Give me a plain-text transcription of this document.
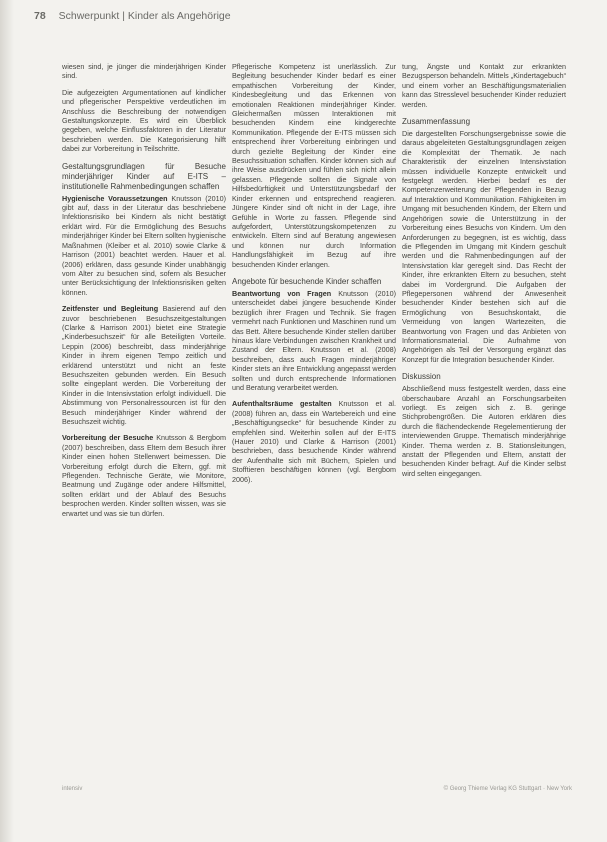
78 Schwerpunkt | Kinder als Angehörige

wiesen sind, je jünger die minderjährigen Kinder sind.

Die aufgezeigten Argumentationen auf kindlicher und pflegerischer Perspektive verdeutlichen im Anschluss die Beschreibung der notwendigen Gestaltungskonzepte. Es wird ein Überblick gegeben, welche Einflussfaktoren in der Literatur beschrieben werden. Die Kategorisierung hilft dabei zur Vorbereitung in Teilschritte.

Gestaltungsgrundlagen für Besuche minderjähriger Kinder auf E-ITS – institutionelle Rahmenbedingungen schaffen

Hygienische Voraussetzungen Knutsson (2010) gibt auf, dass in der Literatur das beschriebene Infektionsrisiko bei Kindern als nicht bestätigt erklärt wird. Für die Ermöglichung des Besuchs minderjähriger Kinder bei Eltern sollten hygienische Maßnahmen (Kleiber et al. 2010) sowie Clarke & Harrison (2001) beachtet werden. Hauer et al. (2006) erklären, dass gesunde Kinder unabhängig vom Alter zu besuchen sind, sofern als Besucher unter Berücksichtigung der Infektionsrisiken gelten können.

Zeitfenster und Begleitung Basierend auf den zuvor beschriebenen Besuchszeitgestaltungen (Clarke & Harrison 2001) bietet eine Strategie „Kinderbesuchszeit“ für alle Beteiligten Vorteile. Leppin (2006) beschreibt, dass minderjährige Kinder in ihrem eigenen Tempo zeitlich und erklärend unterstützt und nicht an feste Besuchszeiten gebunden werden. Ein Besuch sollte eingeplant werden. Die Vorbereitung der Kinder in die Intensivstation erfolgt individuell. Die Abstimmung von Personalressourcen ist für den Besuch minderjähriger Kinder während der Besuchszeit wichtig.

Vorbereitung der Besuche Knutsson & Bergbom (2007) beschreiben, dass Eltern dem Besuch ihrer Kinder einen hohen Stellenwert beimessen. Die Vorbereitung erfolgt durch die Eltern, ggf. mit Pflegenden. Technische Geräte, wie Monitore, Beatmung und Zugänge oder andere Hilfsmittel, sollten erklärt und der Ablauf des Besuchs besprochen werden. Kinder sollten wissen, was sie erwartet und was sie tun dürfen.

Pflegerische Kompetenz ist unerlässlich. Zur Begleitung besuchender Kinder bedarf es einer empathischen Vorbereitung der Kinder, Kindesbegleitung und das Erkennen von emotionalen Reaktionen minderjähriger Kinder. Gleichermaßen müssen Interaktionen mit besuchenden Kindern eine kindgerechte Kommunikation. Pflegende der E-ITS müssen sich entsprechend ihrer Vorbereitung einbringen und durch gezielte Begleitung der Kinder eine Besuchssituation schaffen. Kinder können sich auf ihre Weise ausdrücken und fühlen sich nicht allein gelassen. Pflegende sollten die Signale von Hilfsbedürftigkeit und Unterstützungsbedarf der Kinder erkennen und entsprechend reagieren. Jüngere Kinder sind oft nicht in der Lage, ihre Gefühle in Worte zu fassen. Pflegende sind aufgefordert, Unterstützungskompetenzen zu entwickeln. Eltern sind auf Beratung angewiesen und können nur durch Information Handlungsfähigkeit im Bezug auf ihre besuchenden Kinder erlangen.

Angebote für besuchende Kinder schaffen

Beantwortung von Fragen Knutsson (2010) unterscheidet dabei jüngere besuchende Kinder bezüglich ihrer Fragen und Technik. Sie fragen vermehrt nach Funktionen und Maschinen rund um das Bett. Ältere besuchende Kinder stellen darüber hinaus klare Verbindungen zwischen Krankheit und Zustand der Eltern. Knutsson et al. (2008) beschreiben, dass auch Fragen minderjähriger Kinder stets an ihre Entwicklung angepasst werden sollten und durch entsprechende Informationen und Beratung verarbeitet werden.

Aufenthaltsräume gestalten Knutsson et al. (2008) führen an, dass ein Wartebereich und eine „Beschäftigungsecke“ für besuchende Kinder zu empfehlen sind. Weiterhin sollen auf der E-ITS (Hauer 2010) und Clarke & Harrison (2001) beschrieben, dass besuchende Kinder während der Aufenthalte sich mit Büchern, Spielen und Stofftieren beschäftigen können (vgl. Bergbom 2006).

tung, Ängste und Kontakt zur erkrankten Bezugsperson behandeln. Mittels „Kindertagebuch“ und einem vorher an Beschäftigungsmaterialien kann das Stresslevel besuchender Kinder reduziert werden.

Zusammenfassung

Die dargestellten Forschungsergebnisse sowie die daraus abgeleiteten Gestaltungsgrundlagen zeigen die Komplexität der Thematik. Je nach Charakteristik der einzelnen Intensivstation müssen individuelle Konzepte entwickelt und festgelegt werden. Hierbei bedarf es der Kompetenzerweiterung der Pflegenden in Bezug auf Interaktion und Kommunikation. Fähigkeiten im Umgang mit besuchenden Kindern, der Eltern und Angehörigen sowie die Unterstützung in der Vorbereitung eines Besuchs von Kindern. Um den Anforderungen zu begegnen, ist es wichtig, dass die Pflegenden im Umgang mit Kindern geschult werden und die Rahmenbedingungen auf der Intensivstation klar geregelt sind. Das Recht der Kinder, ihre erkrankten Eltern zu besuchen, steht dabei im Vordergrund. Die Aufgaben der Pflegepersonen während der Anwesenheit besuchender Kinder bestehen sich auf die Ermöglichung von Besuchskontakt, die Vermeidung von langen Wartezeiten, die Beantwortung von Fragen und das Anbieten von Informationsmaterial. Die Aufnahme von Angehörigen als Teil der Versorgung ergänzt das Konzept für die Integration besuchender Kinder.

Diskussion

Abschließend muss festgestellt werden, dass eine überschaubare Anzahl an Forschungsarbeiten vorliegt. Es zeigen sich z. B. geringe Stichprobengrößen. Die Autoren erklären dies durch die flächendeckende Regelementierung der interviewenden Gruppe. Thematisch minderjährige Kinder. Thema werden z. B. Stationsleitungen, anstatt der Pflegenden und Eltern, anstatt der besuchenden Kinder befragt. Auf die Kinder selbst wird selten eingegangen.

intensiv	© Georg Thieme Verlag KG Stuttgart · New York
